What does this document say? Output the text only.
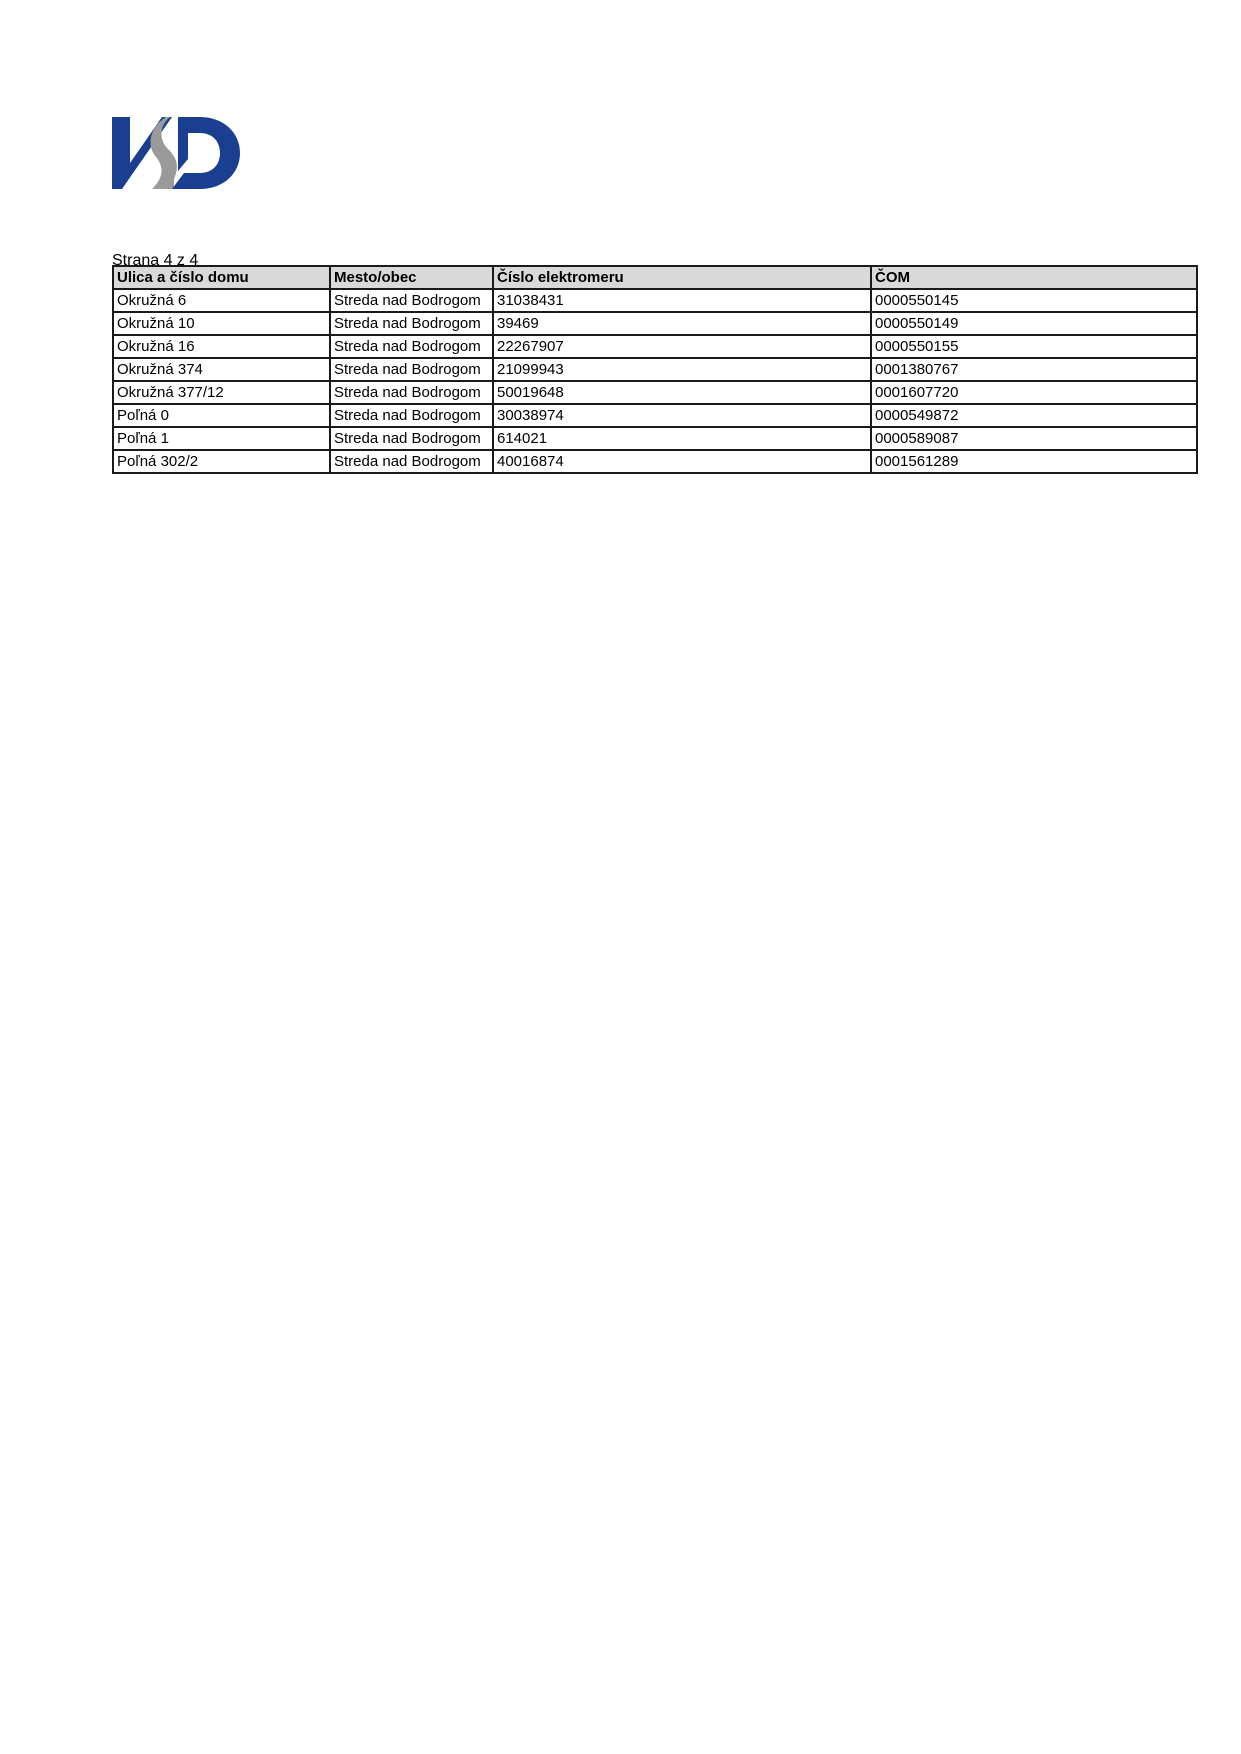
Strana 4 z 4
Ulica a číslo domu	Mesto/obec	Číslo elektromeru	ČOM
Okružná 6	Streda nad Bodrogom	31038431	0000550145
Okružná 10	Streda nad Bodrogom	39469	0000550149
Okružná 16	Streda nad Bodrogom	22267907	0000550155
Okružná 374	Streda nad Bodrogom	21099943	0001380767
Okružná 377/12	Streda nad Bodrogom	50019648	0001607720
Poľná 0	Streda nad Bodrogom	30038974	0000549872
Poľná 1	Streda nad Bodrogom	614021	0000589087
Poľná 302/2	Streda nad Bodrogom	40016874	0001561289
